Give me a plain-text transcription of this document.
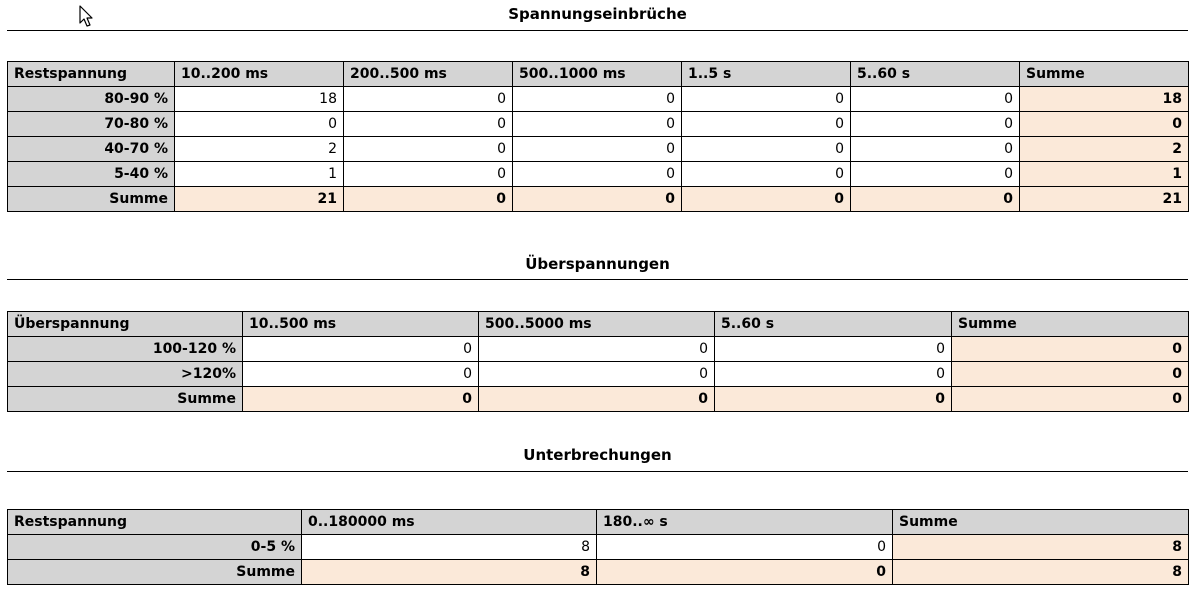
Spannungseinbrüche
Restspannung	10..200 ms	200..500 ms	500..1000 ms	1..5 s	5..60 s	Summe
80-90 %	18	0	0	0	0	18
70-80 %	0	0	0	0	0	0
40-70 %	2	0	0	0	0	2
5-40 %	1	0	0	0	0	1
Summe	21	0	0	0	0	21
Überspannungen
Überspannung	10..500 ms	500..5000 ms	5..60 s	Summe
100-120 %	0	0	0	0
>120%	0	0	0	0
Summe	0	0	0	0
Unterbrechungen
Restspannung	0..180000 ms	180..∞ s	Summe
0-5 %	8	0	8
Summe	8	0	8
